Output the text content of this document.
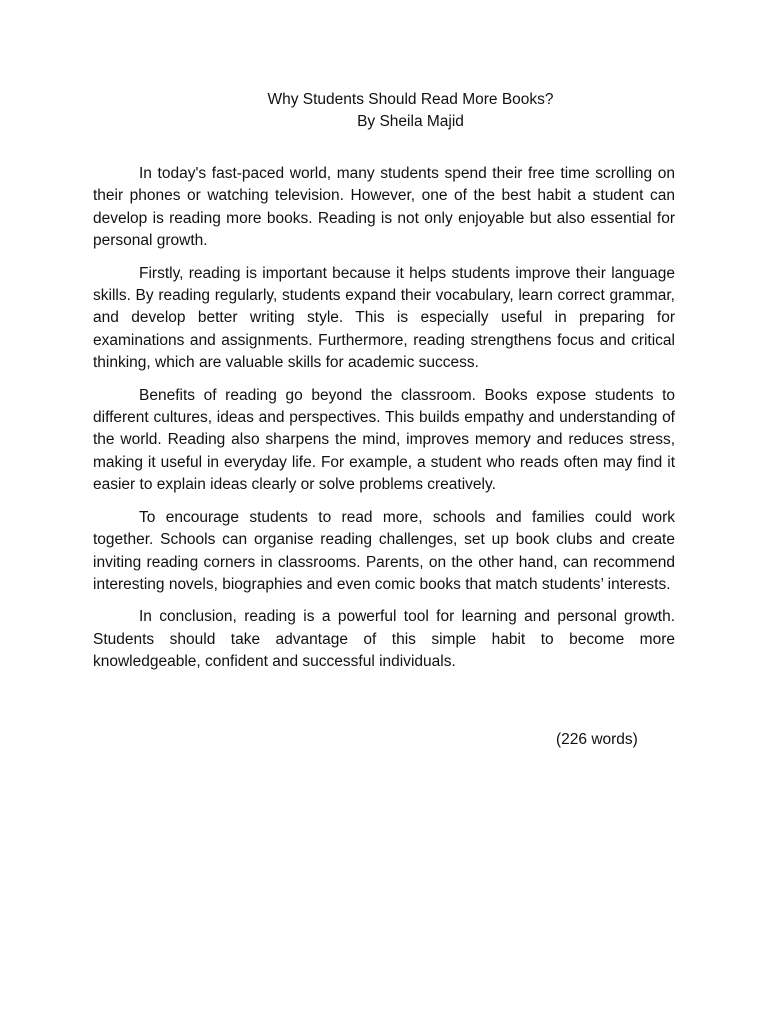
Why Students Should Read More Books?
By Sheila Majid

In today's fast-paced world, many students spend their free time scrolling on their phones or watching television. However, one of the best habit a student can develop is reading more books. Reading is not only enjoyable but also essential for personal growth.

Firstly, reading is important because it helps students improve their language skills. By reading regularly, students expand their vocabulary, learn correct grammar, and develop better writing style. This is especially useful in preparing for examinations and assignments. Furthermore, reading strengthens focus and critical thinking, which are valuable skills for academic success.

Benefits of reading go beyond the classroom. Books expose students to different cultures, ideas and perspectives. This builds empathy and understanding of the world. Reading also sharpens the mind, improves memory and reduces stress, making it useful in everyday life. For example, a student who reads often may find it easier to explain ideas clearly or solve problems creatively.

To encourage students to read more, schools and families could work together. Schools can organise reading challenges, set up book clubs and create inviting reading corners in classrooms. Parents, on the other hand, can recommend interesting novels, biographies and even comic books that match students’ interests.

In conclusion, reading is a powerful tool for learning and personal growth. Students should take advantage of this simple habit to become more knowledgeable, confident and successful individuals.

(226 words)
